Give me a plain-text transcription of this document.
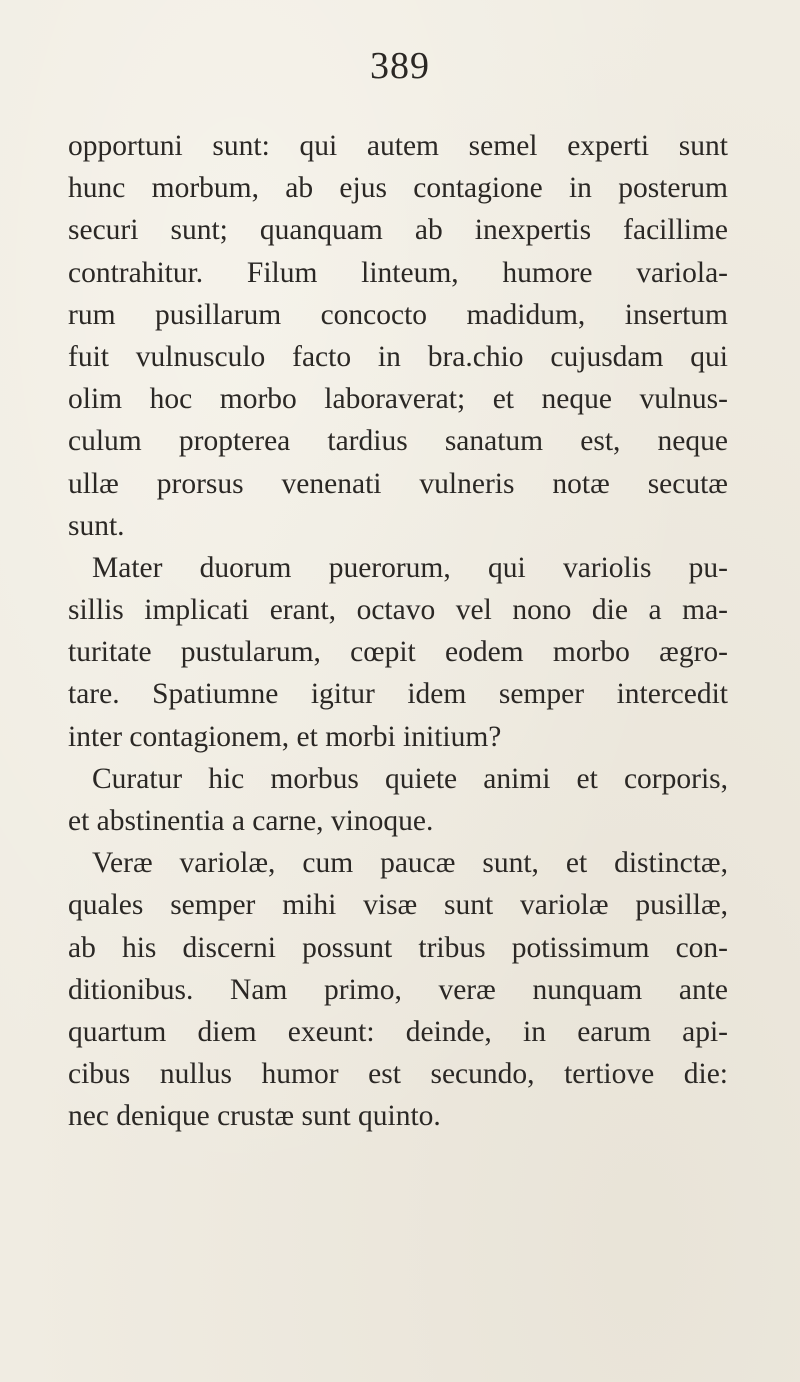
389
opportuni sunt: qui autem semel experti sunt
hunc morbum, ab ejus contagione in posterum
securi sunt; quanquam ab inexpertis facillime
contrahitur. Filum linteum, humore variola-
rum pusillarum concocto madidum, insertum
fuit vulnusculo facto in bra.chio cujusdam qui
olim hoc morbo laboraverat; et neque vulnus-
culum propterea tardius sanatum est, neque
ullæ prorsus venenati vulneris notæ secutæ
sunt.
Mater duorum puerorum, qui variolis pu-
sillis implicati erant, octavo vel nono die a ma-
turitate pustularum, cœpit eodem morbo ægro-
tare. Spatiumne igitur idem semper intercedit
inter contagionem, et morbi initium?
Curatur hic morbus quiete animi et corporis,
et abstinentia a carne, vinoque.
Veræ variolæ, cum paucæ sunt, et distinctæ,
quales semper mihi visæ sunt variolæ pusillæ,
ab his discerni possunt tribus potissimum con-
ditionibus. Nam primo, veræ nunquam ante
quartum diem exeunt: deinde, in earum api-
cibus nullus humor est secundo, tertiove die:
nec denique crustæ sunt quinto.
